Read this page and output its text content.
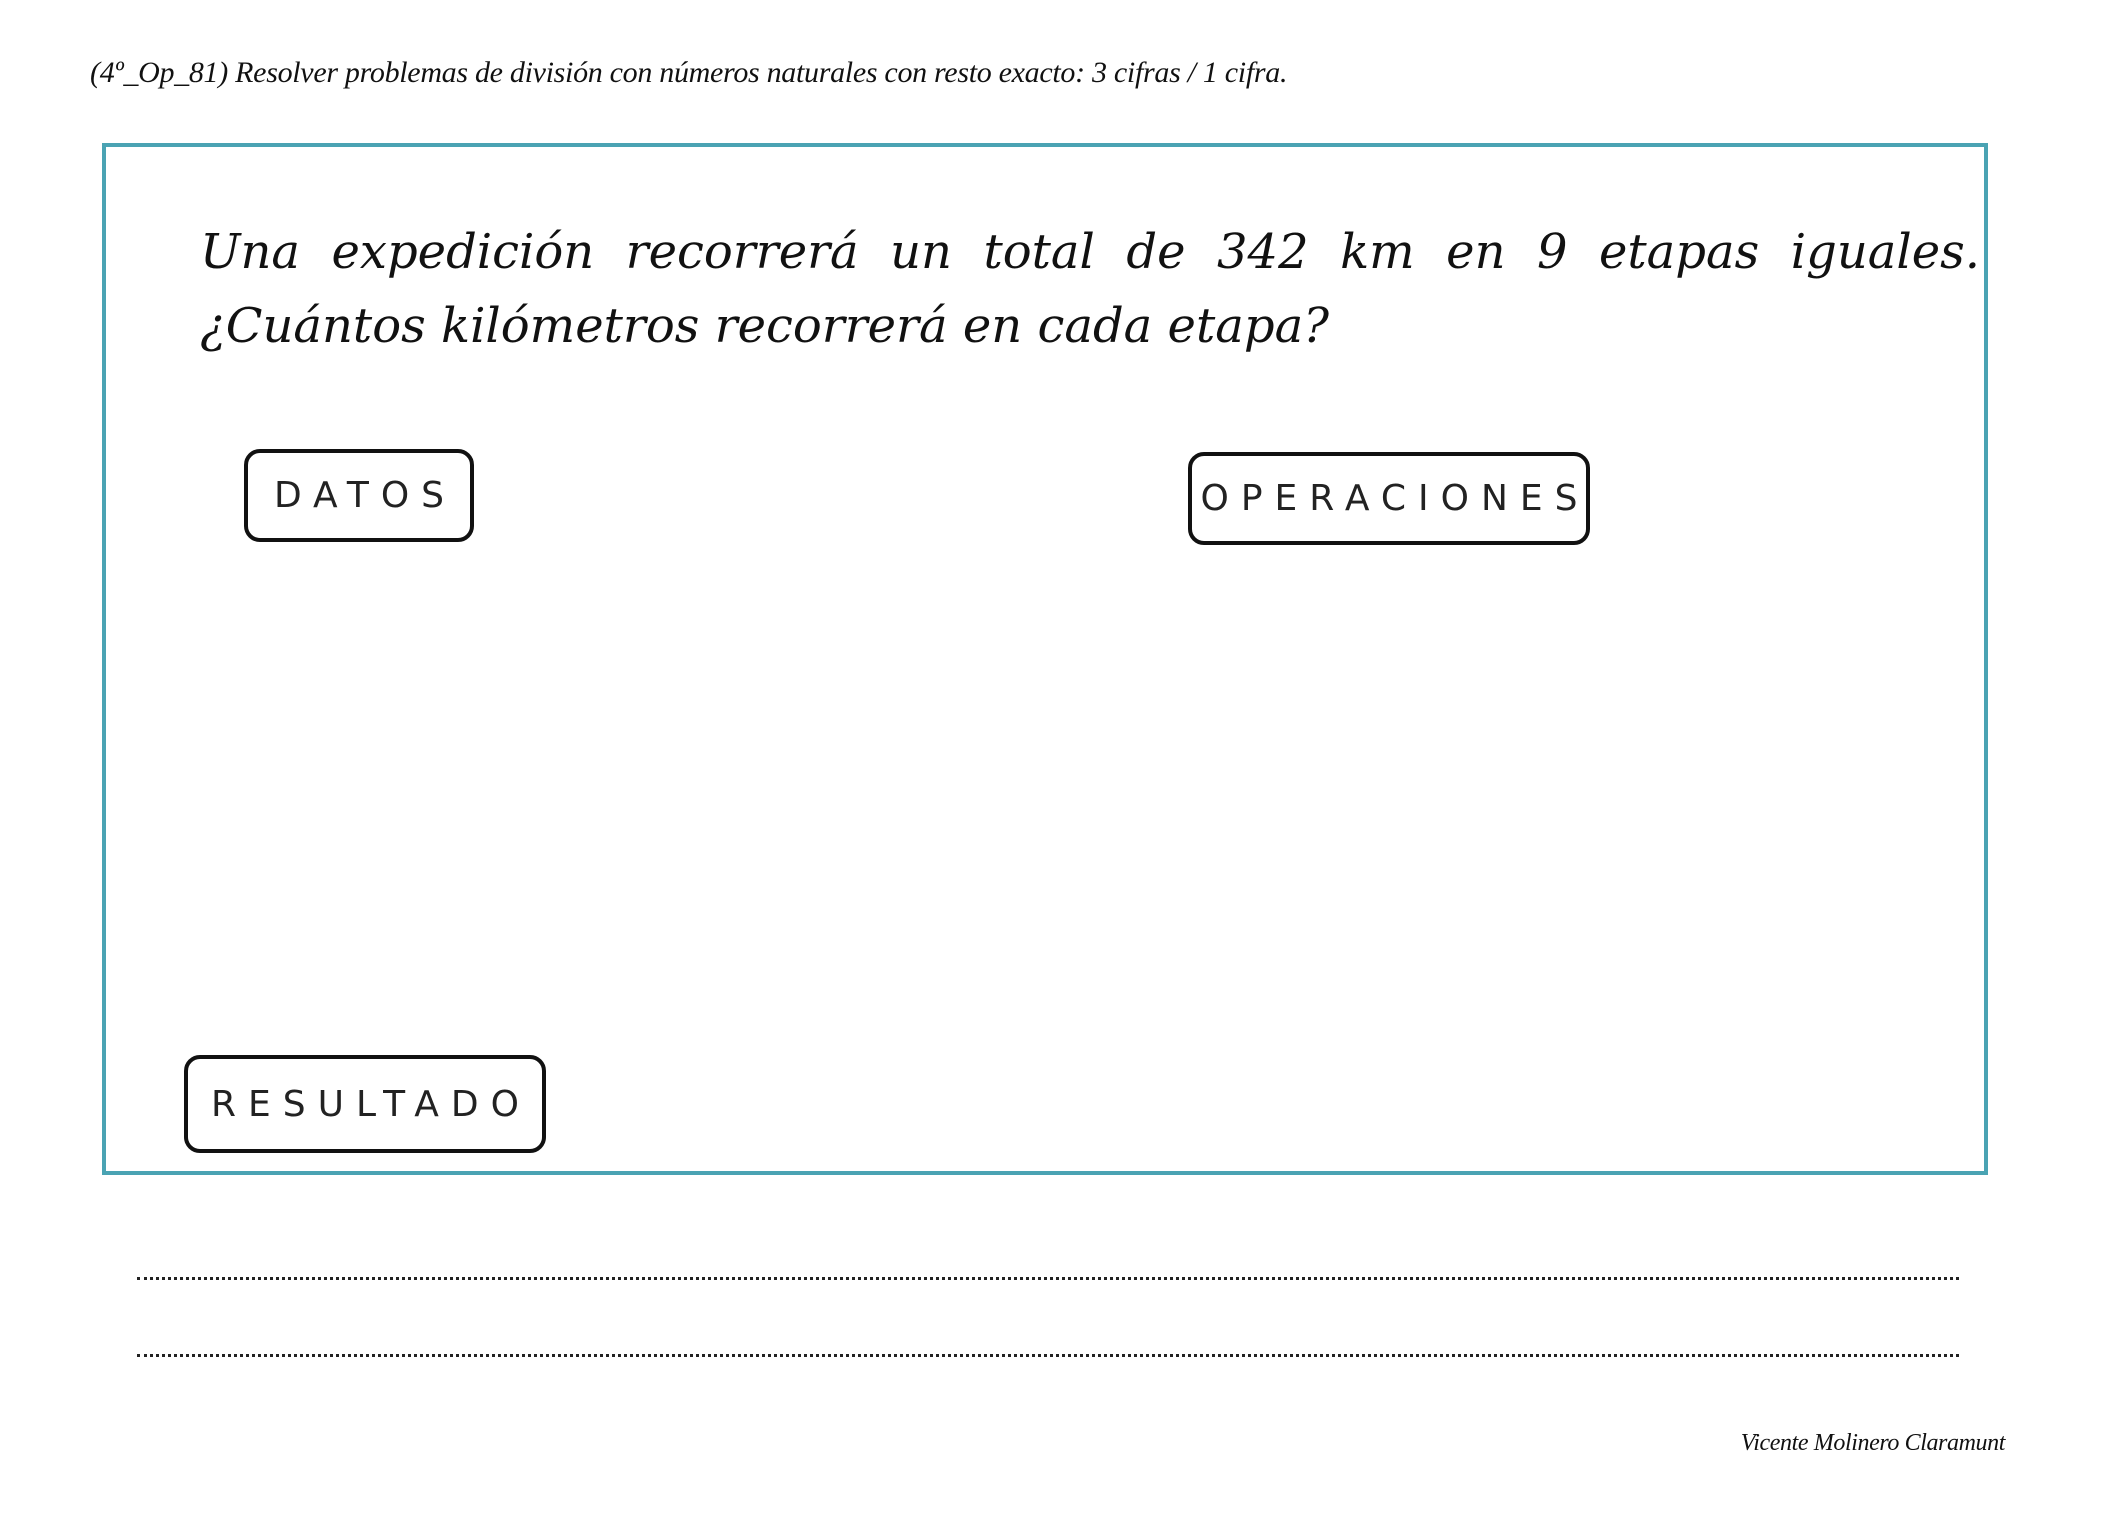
(4º_Op_81) Resolver problemas de división con números naturales con resto exacto: 3 cifras / 1 cifra.
Una expedición recorrerá un total de 342 km en 9 etapas iguales. ¿Cuántos kilómetros recorrerá en cada etapa?
DATOS	OPERACIONES
RESULTADO
Vicente Molinero Claramunt
